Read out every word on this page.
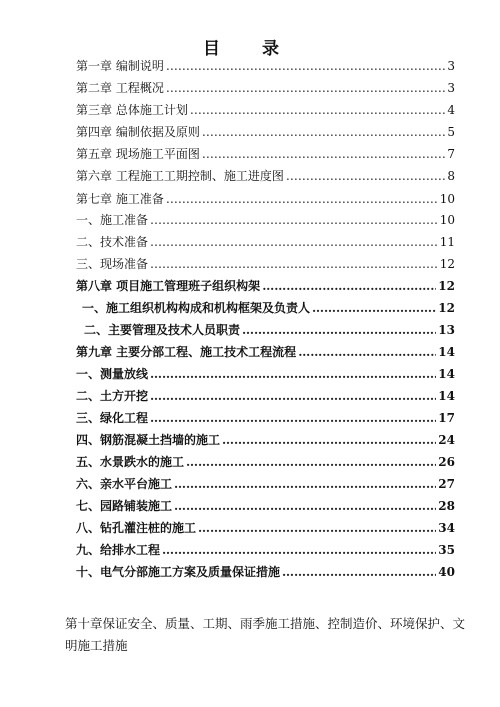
目 录
第一章 编制说明 ………………………………………………………………………………………………………………………………………………………………………………………	3
第二章 工程概况 ………………………………………………………………………………………………………………………………………………………………………………………	3
第三章 总体施工计划 ………………………………………………………………………………………………………………………………………………………………………………………	4
第四章 编制依据及原则 ………………………………………………………………………………………………………………………………………………………………………………………	5
第五章 现场施工平面图 ………………………………………………………………………………………………………………………………………………………………………………………	7
第六章 工程施工工期控制、施工进度图 ………………………………………………………………………………………………………………………………………………………………………………………	8
第七章 施工准备 ………………………………………………………………………………………………………………………………………………………………………………………	10
一、施工准备 ………………………………………………………………………………………………………………………………………………………………………………………	10
二、技术准备 ………………………………………………………………………………………………………………………………………………………………………………………	11
三、现场准备 ………………………………………………………………………………………………………………………………………………………………………………………	12
第八章 项目施工管理班子组织构架 ………………………………………………………………………………………………………………………………………………………………………………………	12
一、施工组织机构构成和机构框架及负责人 ………………………………………………………………………………………………………………………………………………………………………………………	12
二、主要管理及技术人员职责 ………………………………………………………………………………………………………………………………………………………………………………………	13
第九章 主要分部工程、施工技术工程流程 ………………………………………………………………………………………………………………………………………………………………………………………	14
一、测量放线 ………………………………………………………………………………………………………………………………………………………………………………………	14
二、土方开挖 ………………………………………………………………………………………………………………………………………………………………………………………	14
三、绿化工程 ………………………………………………………………………………………………………………………………………………………………………………………	17
四、钢筋混凝土挡墙的施工 ………………………………………………………………………………………………………………………………………………………………………………………	24
五、水景跌水的施工 ………………………………………………………………………………………………………………………………………………………………………………………	26
六、亲水平台施工 ………………………………………………………………………………………………………………………………………………………………………………………	27
七、园路铺装施工 ………………………………………………………………………………………………………………………………………………………………………………………	28
八、钻孔灌注桩的施工 ………………………………………………………………………………………………………………………………………………………………………………………	34
九、给排水工程 ………………………………………………………………………………………………………………………………………………………………………………………	35
十、电气分部施工方案及质量保证措施 ………………………………………………………………………………………………………………………………………………………………………………………	40
第十章保证安全、质量、工期、雨季施工措施、控制造价、环境保护、文明施工措施
